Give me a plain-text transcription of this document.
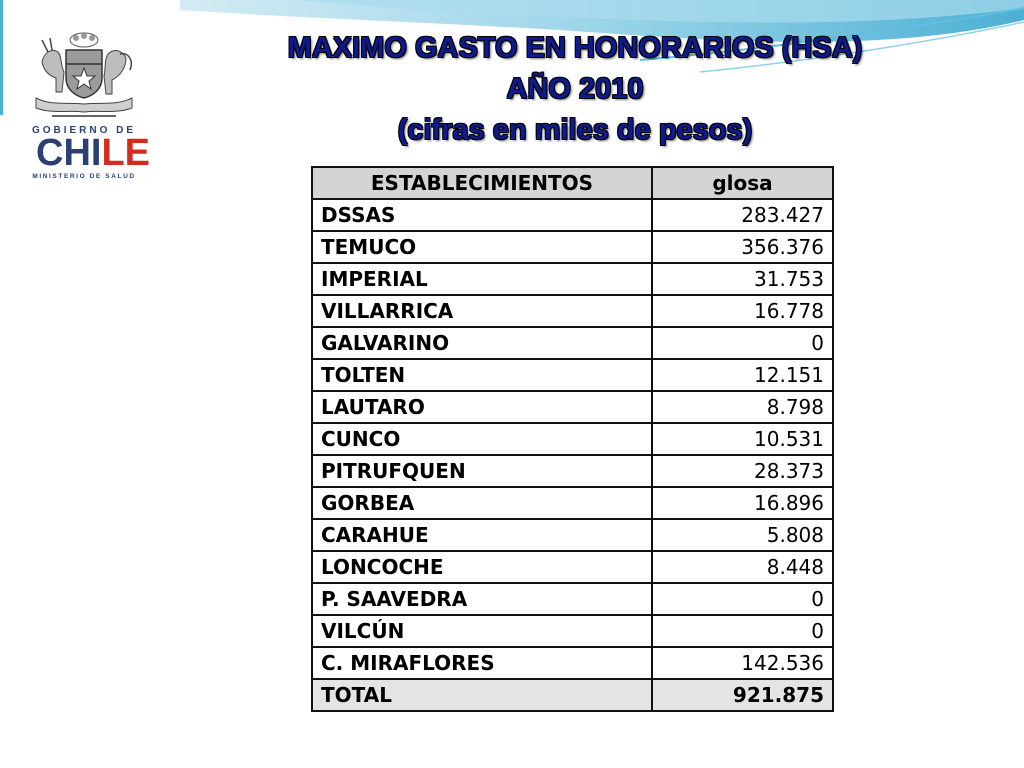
GOBIERNO DE
CHILE
MINISTERIO DE SALUD
MAXIMO GASTO EN HONORARIOS (HSA)
AÑO 2010
(cifras en miles de pesos)
ESTABLECIMIENTOS	glosa
DSSAS	283.427
TEMUCO	356.376
IMPERIAL	31.753
VILLARRICA	16.778
GALVARINO	0
TOLTEN	12.151
LAUTARO	8.798
CUNCO	10.531
PITRUFQUEN	28.373
GORBEA	16.896
CARAHUE	5.808
LONCOCHE	8.448
P. SAAVEDRA	0
VILCÚN	0
C. MIRAFLORES	142.536
TOTAL	921.875
